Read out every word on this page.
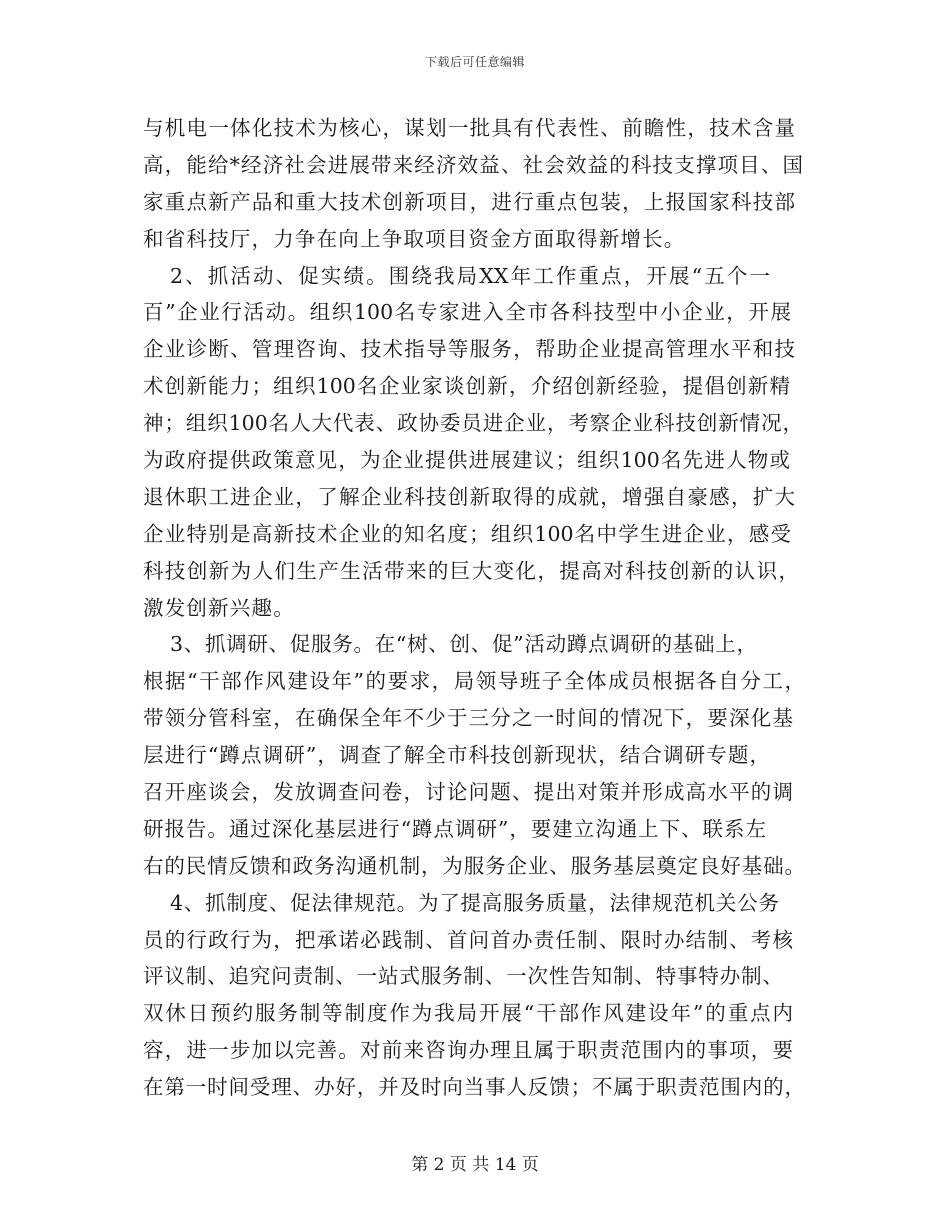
下载后可任意编辑
与机电一体化技术为核心，谋划一批具有代表性、前瞻性，技术含量
高，能给*经济社会进展带来经济效益、社会效益的科技支撑项目、国
家重点新产品和重大技术创新项目，进行重点包装，上报国家科技部
和省科技厅，力争在向上争取项目资金方面取得新增长。
2、抓活动、促实绩。围绕我局XX年工作重点，开展“五个一
百”企业行活动。组织100名专家进入全市各科技型中小企业，开展
企业诊断、管理咨询、技术指导等服务，帮助企业提高管理水平和技
术创新能力；组织100名企业家谈创新，介绍创新经验，提倡创新精
神；组织100名人大代表、政协委员进企业，考察企业科技创新情况，
为政府提供政策意见，为企业提供进展建议；组织100名先进人物或
退休职工进企业，了解企业科技创新取得的成就，增强自豪感，扩大
企业特别是高新技术企业的知名度；组织100名中学生进企业，感受
科技创新为人们生产生活带来的巨大变化，提高对科技创新的认识，
激发创新兴趣。
3、抓调研、促服务。在“树、创、促”活动蹲点调研的基础上，
根据“干部作风建设年”的要求，局领导班子全体成员根据各自分工，
带领分管科室，在确保全年不少于三分之一时间的情况下，要深化基
层进行“蹲点调研”，调查了解全市科技创新现状，结合调研专题，
召开座谈会，发放调查问卷，讨论问题、提出对策并形成高水平的调
研报告。通过深化基层进行“蹲点调研”，要建立沟通上下、联系左
右的民情反馈和政务沟通机制，为服务企业、服务基层奠定良好基础。
4、抓制度、促法律规范。为了提高服务质量，法律规范机关公务
员的行政行为，把承诺必践制、首问首办责任制、限时办结制、考核
评议制、追究问责制、一站式服务制、一次性告知制、特事特办制、
双休日预约服务制等制度作为我局开展“干部作风建设年”的重点内
容，进一步加以完善。对前来咨询办理且属于职责范围内的事项，要
在第一时间受理、办好，并及时向当事人反馈；不属于职责范围内的，
第 2 页 共 14 页
